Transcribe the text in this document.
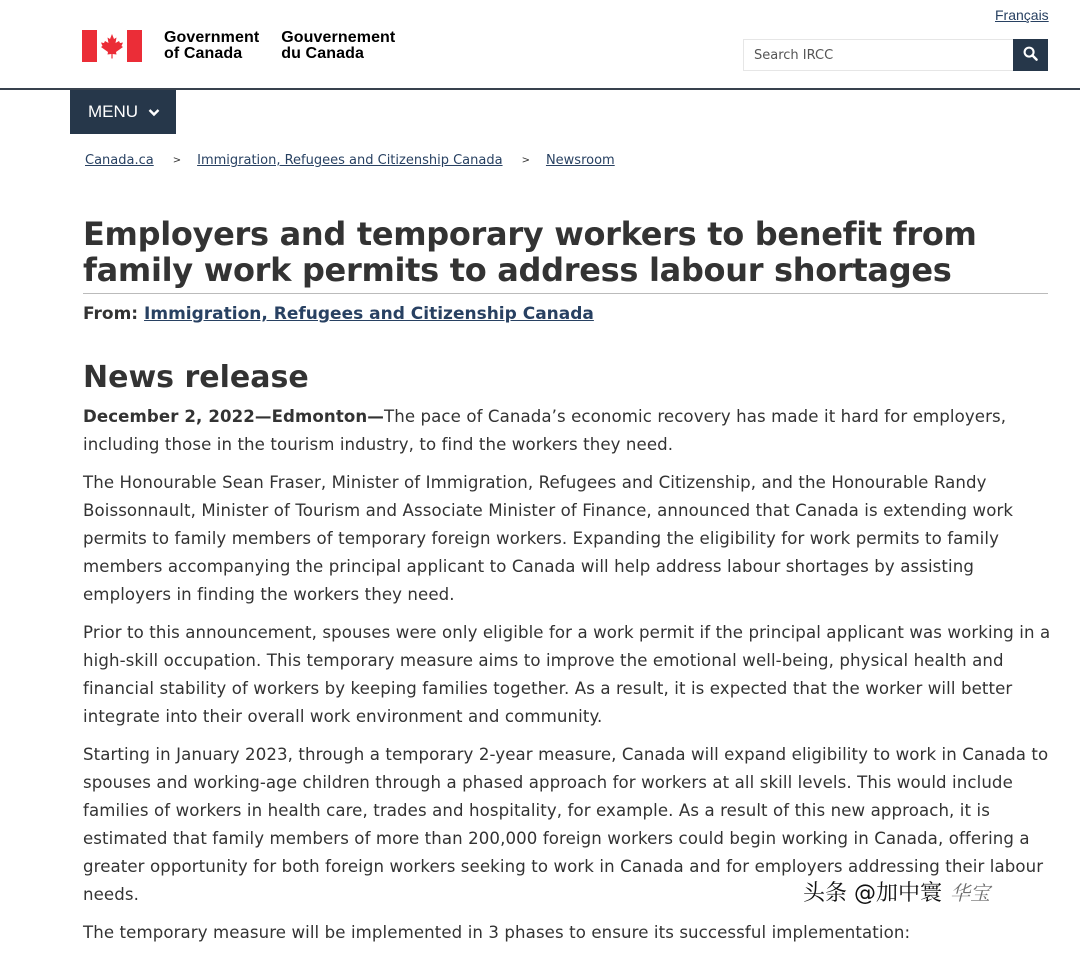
Government
of Canada
Gouvernement
du Canada
Français
Search IRCC
MENU
Canada.ca > Immigration, Refugees and Citizenship Canada > Newsroom
Employers and temporary workers to benefit from family work permits to address labour shortages
From: Immigration, Refugees and Citizenship Canada
News release

December 2, 2022—Edmonton—The pace of Canada’s economic recovery has made it hard for employers, including those in the tourism industry, to find the workers they need.

The Honourable Sean Fraser, Minister of Immigration, Refugees and Citizenship, and the Honourable Randy Boissonnault, Minister of Tourism and Associate Minister of Finance, announced that Canada is extending work permits to family members of temporary foreign workers. Expanding the eligibility for work permits to family members accompanying the principal applicant to Canada will help address labour shortages by assisting employers in finding the workers they need.

Prior to this announcement, spouses were only eligible for a work permit if the principal applicant was working in a high-skill occupation. This temporary measure aims to improve the emotional well-being, physical health and financial stability of workers by keeping families together. As a result, it is expected that the worker will better integrate into their overall work environment and community.

Starting in January 2023, through a temporary 2-year measure, Canada will expand eligibility to work in Canada to spouses and working-age children through a phased approach for workers at all skill levels. This would include families of workers in health care, trades and hospitality, for example. As a result of this new approach, it is estimated that family members of more than 200,000 foreign workers could begin working in Canada, offering a greater opportunity for both foreign workers seeking to work in Canada and for employers addressing their labour needs.

The temporary measure will be implemented in 3 phases to ensure its successful implementation:

头条 @加中寰 华宝
